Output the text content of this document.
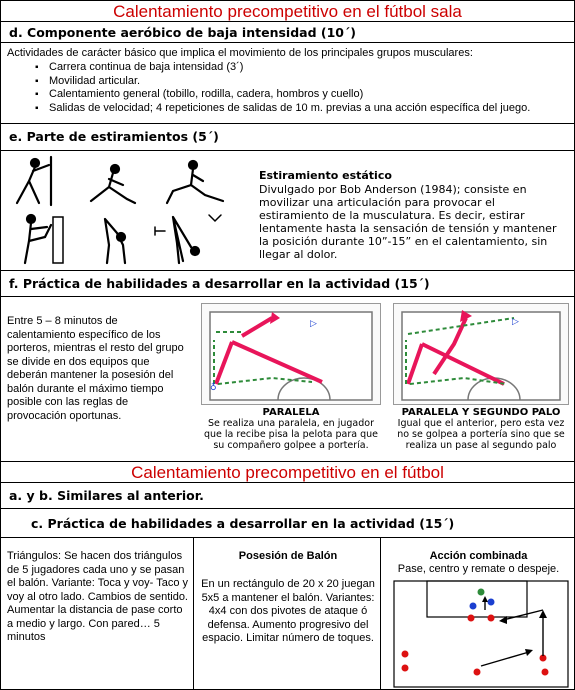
Calentamiento precompetitivo en el fútbol sala
d. Componente aeróbico de baja intensidad (10´)
Actividades de carácter básico que implica el movimiento de los principales grupos musculares:
▪ Carrera continua de baja intensidad (3´)
▪ Movilidad articular.
▪ Calentamiento general (tobillo, rodilla, cadera, hombros y cuello)
▪ Salidas de velocidad; 4 repeticiones de salidas de 10 m. previas a una acción específica del juego.
e. Parte de estiramientos (5´)
Estiramiento estático
Divulgado por Bob Anderson (1984); consiste en movilizar una articulación para provocar el estiramiento de la musculatura. Es decir, estirar lentamente hasta la sensación de tensión y mantener la posición durante 10”-15” en el calentamiento, sin llegar al dolor.
f. Práctica de habilidades a desarrollar en la actividad (15´)
Entre 5 – 8 minutos de calentamiento específico de los porteros, mientras el resto del grupo se divide en dos equipos que deberán mantener la posesión del balón durante el máximo tiempo posible con las reglas de provocación oportunas.
♁
▷
PARALELA
Se realiza una paralela, en jugador que la recibe pisa la pelota para que su compañero golpee a portería.
▷
PARALELA Y SEGUNDO PALO
Igual que el anterior, pero esta vez no se golpea a portería sino que se realiza un pase al segundo palo
Calentamiento precompetitivo en el fútbol
a. y b. Similares al anterior.
c. Práctica de habilidades a desarrollar en la actividad (15´)
Triángulos: Se hacen dos triángulos de 5 jugadores cada uno y se pasan el balón. Variante: Toca y voy- Taco y voy al otro lado. Cambios de sentido. Aumentar la distancia de pase corto a medio y largo. Con pared… 5 minutos
Posesión de Balón
En un rectángulo de 20 x 20 juegan 5x5 a mantener el balón. Variantes: 4x4 con dos pivotes de ataque ó defensa. Aumento progresivo del espacio. Limitar número de toques.
Acción combinada
Pase, centro y remate o despeje.
